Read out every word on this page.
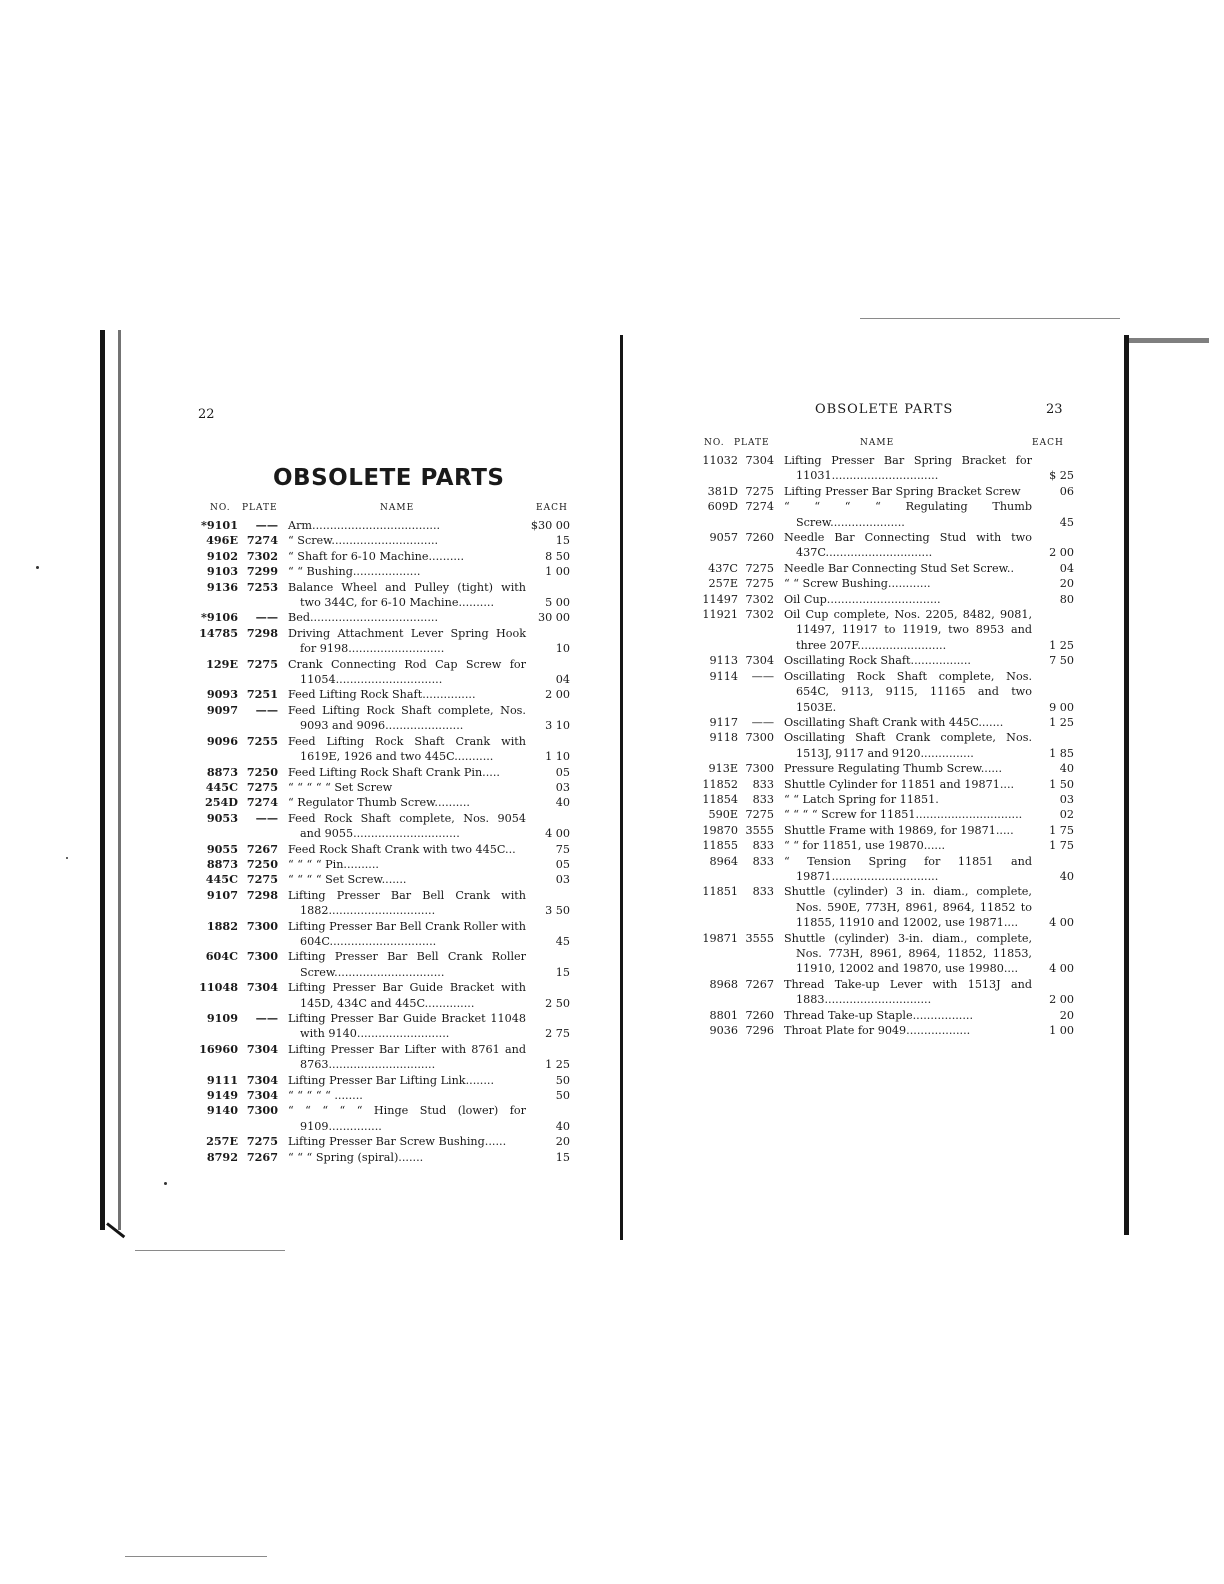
22
OBSOLETE PARTS
NO. PLATE	NAME	EACH
*9101	—— Arm....................................	$30 00
496E 7274 “ Screw..............................	15
9102 7302 “ Shaft for 6-10 Machine..........	8 50
9103 7299 “ “ Bushing...................	1 00
9136 7253 Balance Wheel and Pulley (tight) with two 344C, for 6-10 Machine..........	5 00
*9106	—— Bed....................................	30 00
14785 7298 Driving Attachment Lever Spring Hook for 9198...........................	10
129E 7275 Crank Connecting Rod Cap Screw for 11054..............................	04
9093 7251 Feed Lifting Rock Shaft...............	2 00
9097	—— Feed Lifting Rock Shaft complete, Nos. 9093 and 9096......................	3 10
9096 7255 Feed Lifting Rock Shaft Crank with 1619E, 1926 and two 445C...........	1 10
8873 7250 Feed Lifting Rock Shaft Crank Pin.....	05
445C 7275 “ “ “ “ “ Set Screw	03
254D 7274 “ Regulator Thumb Screw..........	40
9053	—— Feed Rock Shaft complete, Nos. 9054 and 9055..............................	4 00
9055 7267 Feed Rock Shaft Crank with two 445C...	75
8873 7250 “ “ “ “ Pin..........	05
445C 7275 “ “ “ “ Set Screw.......	03
9107 7298 Lifting Presser Bar Bell Crank with 1882..............................	3 50
1882 7300 Lifting Presser Bar Bell Crank Roller with 604C..............................	45
604C 7300 Lifting Presser Bar Bell Crank Roller Screw...............................	15
11048 7304 Lifting Presser Bar Guide Bracket with 145D, 434C and 445C..............	2 50
9109	—— Lifting Presser Bar Guide Bracket 11048 with 9140..........................	2 75
16960 7304 Lifting Presser Bar Lifter with 8761 and 8763..............................	1 25
9111 7304 Lifting Presser Bar Lifting Link........	50
9149 7304 “ “ “ “ “ ........	50
9140 7300 “ “ “ “ “ Hinge Stud (lower) for 9109...............	40
257E 7275 Lifting Presser Bar Screw Bushing......	20
8792 7267 “ “ “ Spring (spiral).......	15
OBSOLETE PARTS	23
NO. PLATE	NAME	EACH
11032 7304 Lifting Presser Bar Spring Bracket for 11031..............................	$ 25
381D 7275 Lifting Presser Bar Spring Bracket Screw	06
609D 7274 “ “ “ “ Regulating Thumb Screw.....................	45
9057 7260 Needle Bar Connecting Stud with two 437C..............................	2 00
437C 7275 Needle Bar Connecting Stud Set Screw..	04
257E 7275 “ “ Screw Bushing............	20
11497 7302 Oil Cup................................	80
11921 7302 Oil Cup complete, Nos. 2205, 8482, 9081, 11497, 11917 to 11919, two 8953 and three 207F.........................	1 25
9113 7304 Oscillating Rock Shaft.................	7 50
9114	—— Oscillating Rock Shaft complete, Nos. 654C, 9113, 9115, 11165 and two 1503E.	9 00
9117	—— Oscillating Shaft Crank with 445C.......	1 25
9118 7300 Oscillating Shaft Crank complete, Nos. 1513J, 9117 and 9120...............	1 85
913E 7300 Pressure Regulating Thumb Screw......	40
11852	833 Shuttle Cylinder for 11851 and 19871....	1 50
11854	833 “ “ Latch Spring for 11851.	03
590E 7275 “ “ “ “ Screw for 11851..............................	02
19870 3555 Shuttle Frame with 19869, for 19871.....	1 75
11855	833 “ “ for 11851, use 19870......	1 75
8964	833 “ Tension Spring for 11851 and 19871..............................	40
11851	833 Shuttle (cylinder) 3 in. diam., complete, Nos. 590E, 773H, 8961, 8964, 11852 to 11855, 11910 and 12002, use 19871....	4 00
19871 3555 Shuttle (cylinder) 3-in. diam., complete, Nos. 773H, 8961, 8964, 11852, 11853, 11910, 12002 and 19870, use 19980....	4 00
8968 7267 Thread Take-up Lever with 1513J and 1883..............................	2 00
8801 7260 Thread Take-up Staple.................	20
9036 7296 Throat Plate for 9049..................	1 00
